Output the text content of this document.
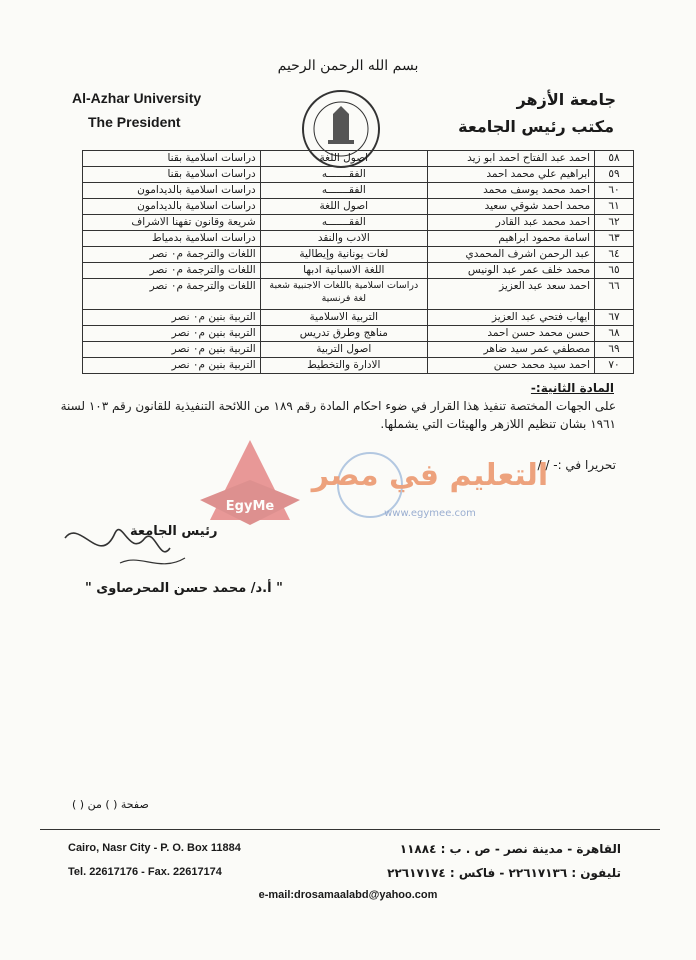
بسم الله الرحمن الرحيم
Al-Azhar University
The President
جامعة الأزهر
مكتب رئيس الجامعة
٥٨	احمد عبد الفتاح احمد ابو زيد	اصول اللغة	دراسات اسلامية بقنا
٥٩	ابراهيم علي محمد احمد	الفقـــــــه	دراسات اسلامية بقنا
٦٠	احمد محمد يوسف محمد	الفقـــــــه	دراسات اسلامية بالديدامون
٦١	محمد احمد شوقي سعيد	اصول اللغة	دراسات اسلامية بالديدامون
٦٢	احمد محمد عبد القادر	الفقـــــــه	شريعة وقانون تفهنا الاشراف
٦٣	اسامة محمود ابراهيم	الادب والنقد	دراسات اسلامية بدمياط
٦٤	عبد الرحمن اشرف المحمدي	لغات يونانية وإيطالية	اللغات والترجمة م٠ نصر
٦٥	محمد خلف عمر عبد الونيس	اللغة الاسبانية ادبها	اللغات والترجمة م٠ نصر
٦٦	احمد سعد عبد العزيز	دراسات اسلامية باللغات الاجنبية شعبة لغة فرنسية	اللغات والترجمة م٠ نصر
٦٧	ايهاب فتحي عبد العزيز	التربية الاسلامية	التربية بنين م٠ نصر
٦٨	حسن محمد حسن احمد	مناهج وطرق تدريس	التربية بنين م٠ نصر
٦٩	مصطفي عمر سيد ضاهر	اصول التربية	التربية بنين م٠ نصر
٧٠	احمد سيد محمد حسن	الادارة والتخطيط	التربية بنين م٠ نصر
المادة الثانية:-
على الجهات المختصة تنفيذ هذا القرار في ضوء احكام المادة رقم ١٨٩ من اللائحة التنفيذية للقانون رقم ١٠٣ لسنة ١٩٦١ بشان تنظيم اللازهر والهيئات التي يشملها.
تحريرا في :- / /
EgyMe
التعليم في مصر
www.egymee.com
رئيس الجامعة
" أ.د/ محمد حسن المحرصاوى "
صفحة ( ) من ( )
Cairo, Nasr City - P. O. Box 11884
Tel. 22617176 - Fax. 22617174
القاهرة - مدينة نصر - ص . ب : ١١٨٨٤
تليفون : ٢٢٦١٧١٣٦ - فاكس : ٢٢٦١٧١٧٤
e-mail:drosamaalabd@yahoo.com
